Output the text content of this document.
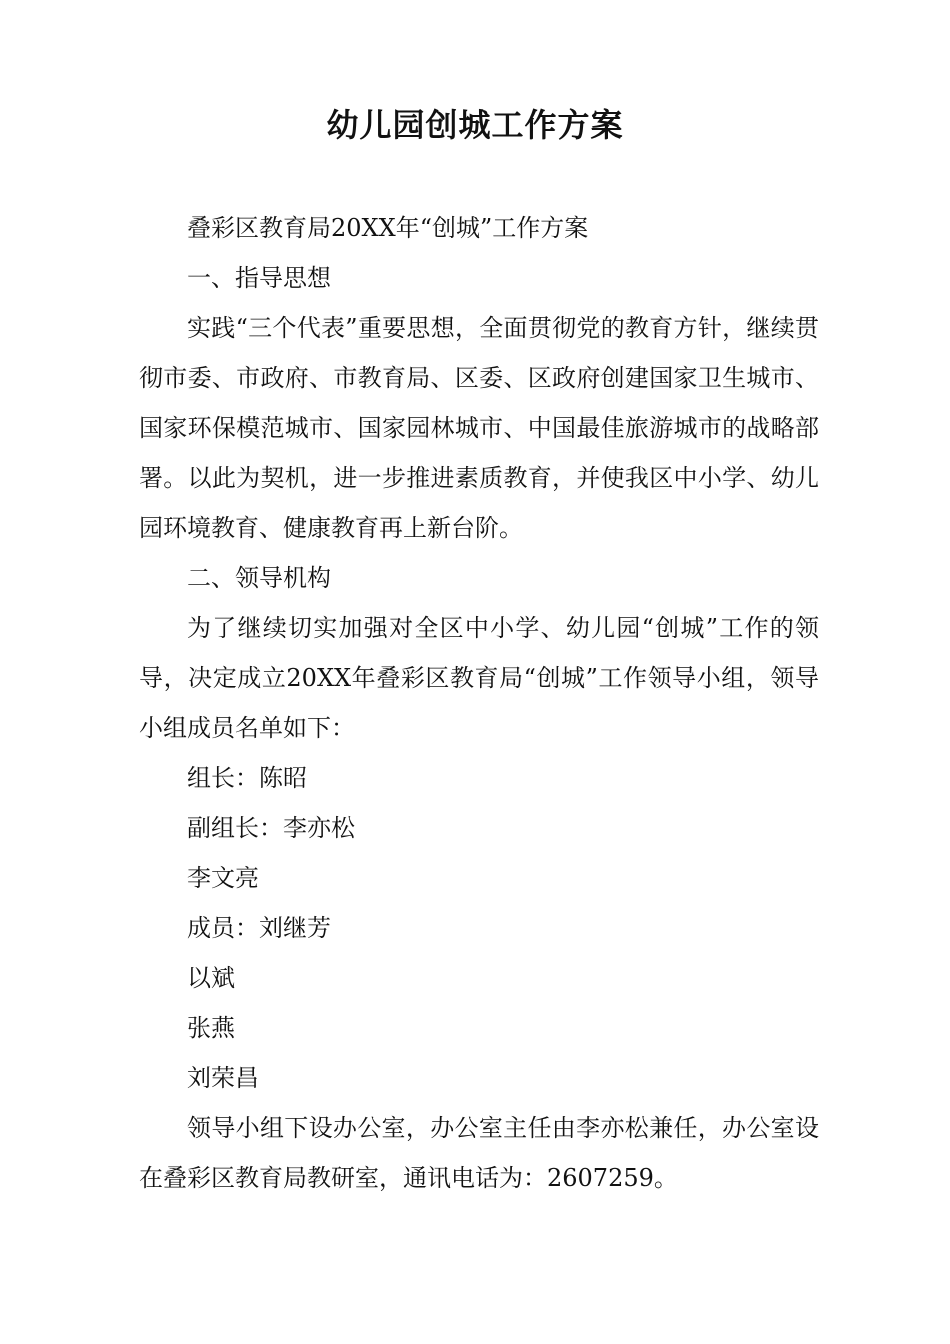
幼儿园创城工作方案

叠彩区教育局20XX年“创城”工作方案

一、指导思想

实践“三个代表”重要思想，全面贯彻党的教育方针，继续贯彻市委、市政府、市教育局、区委、区政府创建国家卫生城市、国家环保模范城市、国家园林城市、中国最佳旅游城市的战略部署。以此为契机，进一步推进素质教育，并使我区中小学、幼儿园环境教育、健康教育再上新台阶。

二、领导机构

为了继续切实加强对全区中小学、幼儿园“创城”工作的领导，决定成立20XX年叠彩区教育局“创城”工作领导小组，领导小组成员名单如下：

组长：陈昭

副组长：李亦松

李文亮

成员：刘继芳

以斌

张燕

刘荣昌

领导小组下设办公室，办公室主任由李亦松兼任，办公室设在叠彩区教育局教研室，通讯电话为：2607259。
